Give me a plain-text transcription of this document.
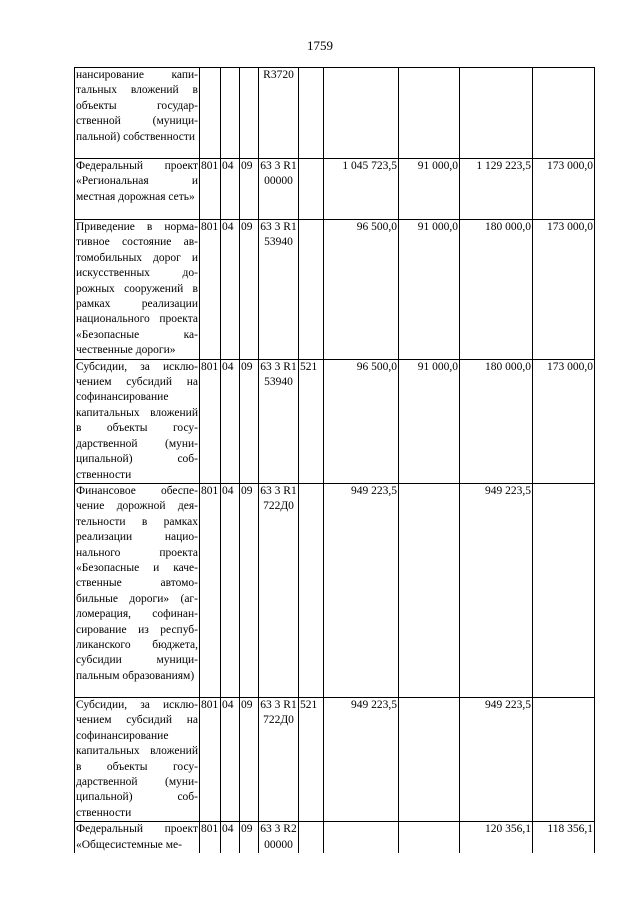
1759
нансирование капитальных вложений в объекты государственной (муниципальной) собственности				R3720					
Федеральный проект «Региональная и местная дорожная сеть»	801	04	09	63 3 R1 00000		1 045 723,5	91 000,0	1 129 223,5	173 000,0
Приведение в нормативное состояние автомобильных дорог и искусственных дорожных сооружений в рамках реализации национального проекта «Безопасные качественные дороги»	801	04	09	63 3 R1 53940		96 500,0	91 000,0	180 000,0	173 000,0
Субсидии, за исключением субсидий на софинансирование капитальных вложений в объекты государственной (муниципальной) собственности	801	04	09	63 3 R1 53940	521	96 500,0	91 000,0	180 000,0	173 000,0
Финансовое обеспечение дорожной деятельности в рамках реализации национального проекта «Безопасные и качественные автомобильные дороги» (агломерация, софинансирование из республиканского бюджета, субсидии муниципальным образованиям)	801	04	09	63 3 R1 722Д0		949 223,5		949 223,5	
Субсидии, за исключением субсидий на софинансирование капитальных вложений в объекты государственной (муниципальной) собственности	801	04	09	63 3 R1 722Д0	521	949 223,5		949 223,5	
Федеральный проект «Общесистемные ме-	801	04	09	63 3 R2 00000				120 356,1	118 356,1
